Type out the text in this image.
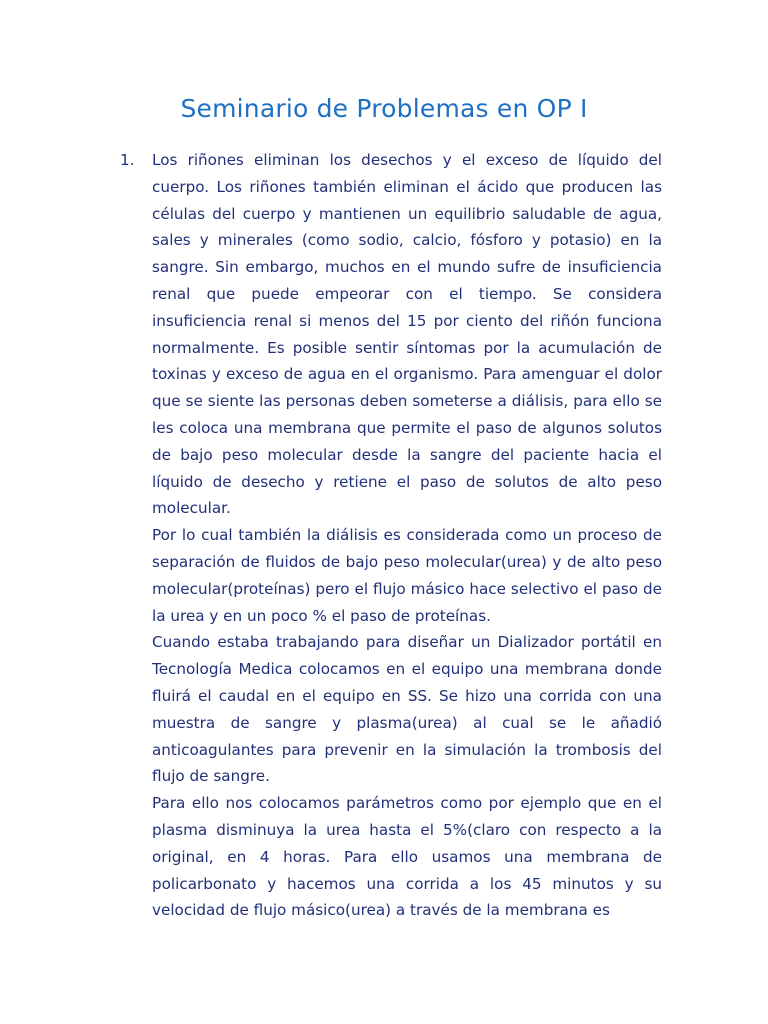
Seminario de Problemas en OP I
1. Los riñones eliminan los desechos y el exceso de líquido del cuerpo. Los riñones también eliminan el ácido que producen las células del cuerpo y mantienen un equilibrio saludable de agua, sales y minerales (como sodio, calcio, fósforo y potasio) en la sangre. Sin embargo, muchos en el mundo sufre de insuficiencia renal que puede empeorar con el tiempo. Se considera insuficiencia renal si menos del 15 por ciento del riñón funciona normalmente. Es posible sentir síntomas por la acumulación de toxinas y exceso de agua en el organismo. Para amenguar el dolor que se siente las personas deben someterse a diálisis, para ello se les coloca una membrana que permite el paso de algunos solutos de bajo peso molecular desde la sangre del paciente hacia el líquido de desecho y retiene el paso de solutos de alto peso molecular.

Por lo cual también la diálisis es considerada como un proceso de separación de fluidos de bajo peso molecular(urea) y de alto peso molecular(proteínas) pero el flujo másico hace selectivo el paso de la urea y en un poco % el paso de proteínas.

Cuando estaba trabajando para diseñar un Dializador portátil en Tecnología Medica colocamos en el equipo una membrana donde fluirá el caudal en el equipo en SS. Se hizo una corrida con una muestra de sangre y plasma(urea) al cual se le añadió anticoagulantes para prevenir en la simulación la trombosis del flujo de sangre.

Para ello nos colocamos parámetros como por ejemplo que en el plasma disminuya la urea hasta el 5%(claro con respecto a la original, en 4 horas. Para ello usamos una membrana de policarbonato y hacemos una corrida a los 45 minutos y su velocidad de flujo másico(urea) a través de la membrana es
